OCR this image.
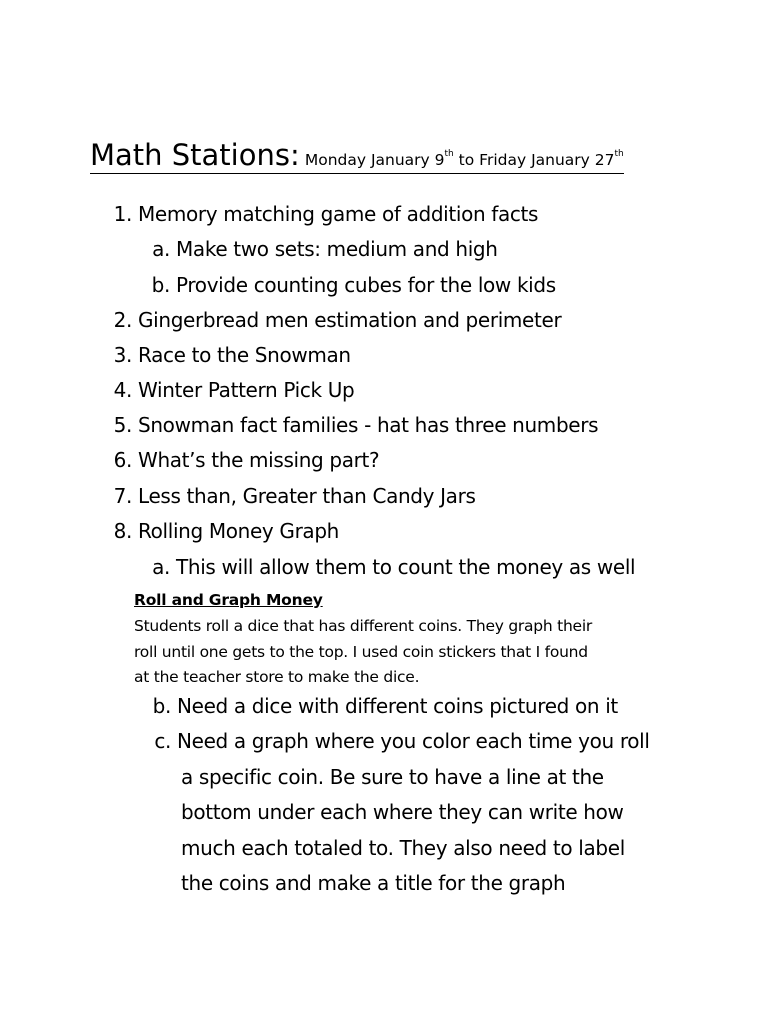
Math Stations: Monday January 9th to Friday January 27th
1. Memory matching game of addition facts
a. Make two sets: medium and high
b. Provide counting cubes for the low kids
2. Gingerbread men estimation and perimeter
3. Race to the Snowman
4. Winter Pattern Pick Up
5. Snowman fact families - hat has three numbers
6. What’s the missing part?
7. Less than, Greater than Candy Jars
8. Rolling Money Graph
a. This will allow them to count the money as well
Roll and Graph Money
Students roll a dice that has different coins. They graph their
roll until one gets to the top. I used coin stickers that I found
at the teacher store to make the dice.
b. Need a dice with different coins pictured on it
c. Need a graph where you color each time you roll
a specific coin. Be sure to have a line at the
bottom under each where they can write how
much each totaled to. They also need to label
the coins and make a title for the graph
